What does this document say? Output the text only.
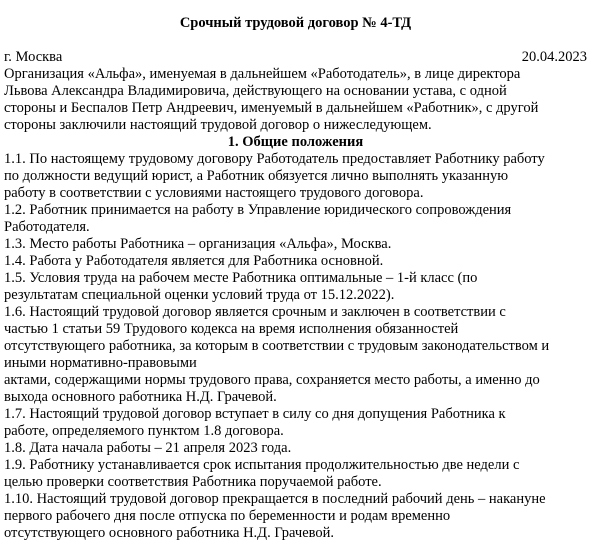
Срочный трудовой договор № 4-ТД
г. Москва	20.04.2023

Организация «Альфа», именуемая в дальнейшем «Работодатель», в лице директора
Львова Александра Владимировича, действующего на основании устава, с одной
стороны и Беспалов Петр Андреевич, именуемый в дальнейшем «Работник», с другой
стороны заключили настоящий трудовой договор о нижеследующем.

1. Общие положения

1.1. По настоящему трудовому договору Работодатель предоставляет Работнику работу
по должности ведущий юрист, а Работник обязуется лично выполнять указанную
работу в соответствии с условиями настоящего трудового договора.

1.2. Работник принимается на работу в Управление юридического сопровождения
Работодателя.

1.3. Место работы Работника – организация «Альфа», Москва.

1.4. Работа у Работодателя является для Работника основной.

1.5. Условия труда на рабочем месте Работника оптимальные – 1-й класс (по
результатам специальной оценки условий труда от 15.12.2022).

1.6. Настоящий трудовой договор является срочным и заключен в соответствии с
частью 1 статьи 59 Трудового кодекса на время исполнения обязанностей
отсутствующего работника, за которым в соответствии с трудовым законодательством и
иными нормативно-правовыми
актами, содержащими нормы трудового права, сохраняется место работы, а именно до
выхода основного работника Н.Д. Грачевой.

1.7. Настоящий трудовой договор вступает в силу со дня допущения Работника к
работе, определяемого пунктом 1.8 договора.

1.8. Дата начала работы – 21 апреля 2023 года.

1.9. Работнику устанавливается срок испытания продолжительностью две недели с
целью проверки соответствия Работника поручаемой работе.

1.10. Настоящий трудовой договор прекращается в последний рабочий день – накануне
первого рабочего дня после отпуска по беременности и родам временно
отсутствующего основного работника Н.Д. Грачевой.
